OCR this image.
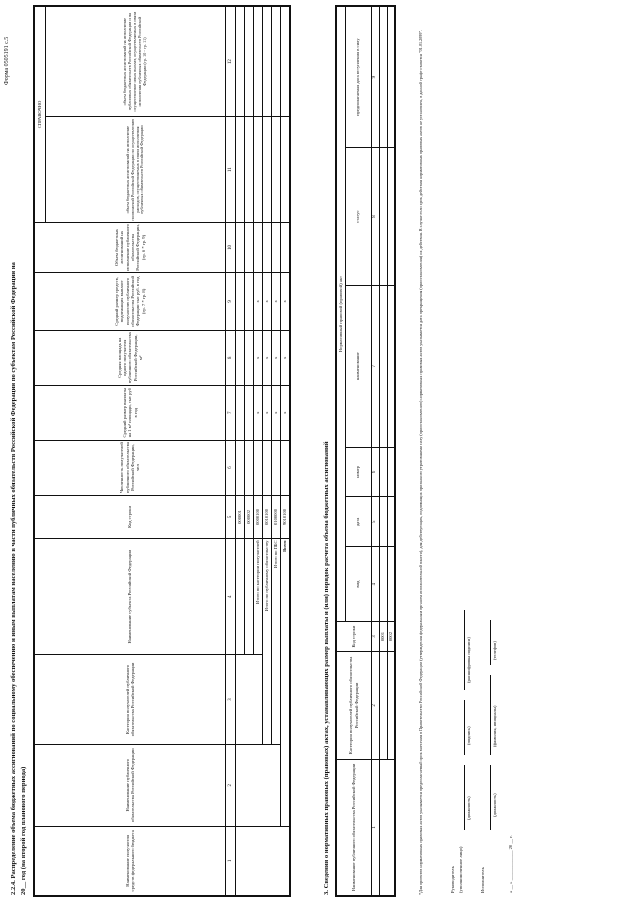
2.2.4. Распределение объема бюджетных ассигнований по социальному обеспечению и иным выплатам населению в части публичных обязательств Российской Федерации по субъектам Российской Федерации на 20__ год (на второй год планового периода)
Форма 0505191 с.5
Наименование получателя средств федерального бюджета	Наименование публичного обязательства Российской Федерации	Категория получателей публичного обязательства Российской Федерации	Наименование субъекта Российской Федерации	Код строки	Численность получателей публичного обязательства Российской Федерации, чел	Средний размер выплаты на 1 м² площади, тыс руб в год	Средняя площадь на одного получателя публичного обязательства Российской Федерации, м²	Средний размер средств, подлежащих выплате получателю публичного обязательства Российской Федерации тыс руб. в год (гр. 7 * гр. 8)	Объем бюджетных ассигнований на исполнение публичного обязательства Российской Федерации, (гр. 6 * гр. 9)	СПРАВОЧНО	
										объем бюджетных ассигнований на исполнение полномочий Российской Федерации по осуществлению расходов, осуществляемых в связи исполнения публичных обязательств Российской Федерации	объем бюджетных ассигнований на исполнение публичных обязательств Российской Федерации и на осуществление иных выплат, осуществляемых в связи исполнения публичных обязательств Российской Федерации (гр. 10 - гр. 11)
1	2	3	4	5	6	7	8	9	10	11	12
				000001							
				000002							
			Итого по категории получателей	0000100		x	x	x			
		Итого по публичному обязательству		0010100		x	x	x			
		Итого по ПБС		0100000		x	x	x			
	Всего			9010100		x	x	x			
3. Сведения о нормативных правовых (правовых) актах, устанавливающих размер выплаты и (или) порядок расчета объема бюджетных ассигнований	Наименование публичного обязательства Российской Федерации	Категория получателей публичного обязательства Российской Федерации	Код строки	Нормативный правовой (правовой) акт					
			вид	дата	номер	наименование	статус	предполагаемая дата вступления в силу
1	2	3	4	5	6	7	8	9
		0001						
		0002						
Руководитель (уполномоченное лицо)
(должность)
(подпись)
(расшифровка подписи)
Исполнитель
(должность)
(фамилия, инициалы)
(телефон)
« __ » _____________ 20 __ г.
*Для проектов нормативных правовых актов указывается предполагаемый срок внесения в Правительство Российской Федерации (утверждения федеральным органом исполнительной власти), для действующих, подлежащих признанию утратившими силу (приостановлению) нормативных правовых актов указывается дата прекращения (приостановления) их действия. В случае если срок действия нормативных правовых актов не установлен, в данной графе ставится "01.01.2099".
